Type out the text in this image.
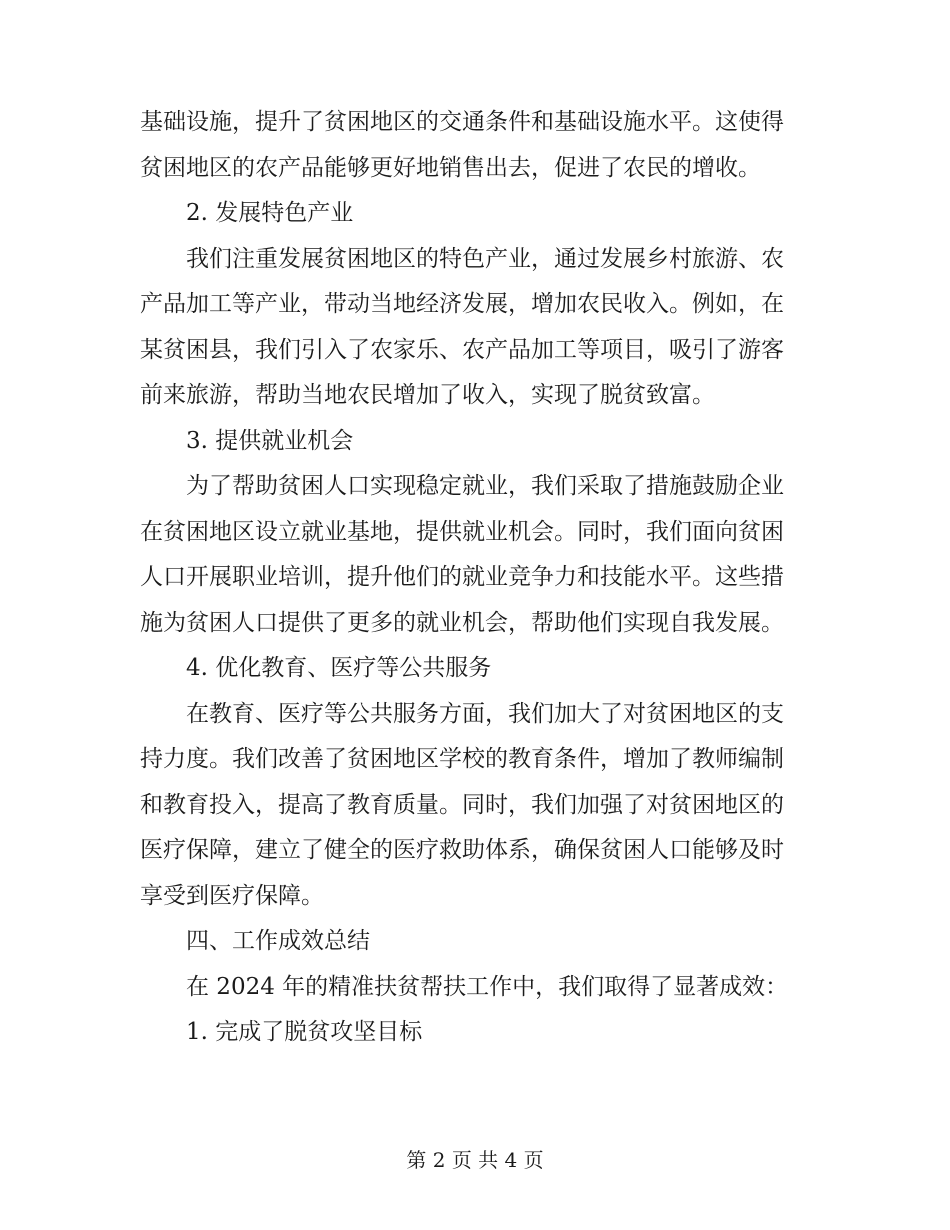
基础设施，提升了贫困地区的交通条件和基础设施水平。这使得
贫困地区的农产品能够更好地销售出去，促进了农民的增收。
2. 发展特色产业
我们注重发展贫困地区的特色产业，通过发展乡村旅游、农
产品加工等产业，带动当地经济发展，增加农民收入。例如，在
某贫困县，我们引入了农家乐、农产品加工等项目，吸引了游客
前来旅游，帮助当地农民增加了收入，实现了脱贫致富。
3. 提供就业机会
为了帮助贫困人口实现稳定就业，我们采取了措施鼓励企业
在贫困地区设立就业基地，提供就业机会。同时，我们面向贫困
人口开展职业培训，提升他们的就业竞争力和技能水平。这些措
施为贫困人口提供了更多的就业机会，帮助他们实现自我发展。
4. 优化教育、医疗等公共服务
在教育、医疗等公共服务方面，我们加大了对贫困地区的支
持力度。我们改善了贫困地区学校的教育条件，增加了教师编制
和教育投入，提高了教育质量。同时，我们加强了对贫困地区的
医疗保障，建立了健全的医疗救助体系，确保贫困人口能够及时
享受到医疗保障。
四、工作成效总结
在 2024 年的精准扶贫帮扶工作中，我们取得了显著成效：
1. 完成了脱贫攻坚目标
第 2 页 共 4 页
